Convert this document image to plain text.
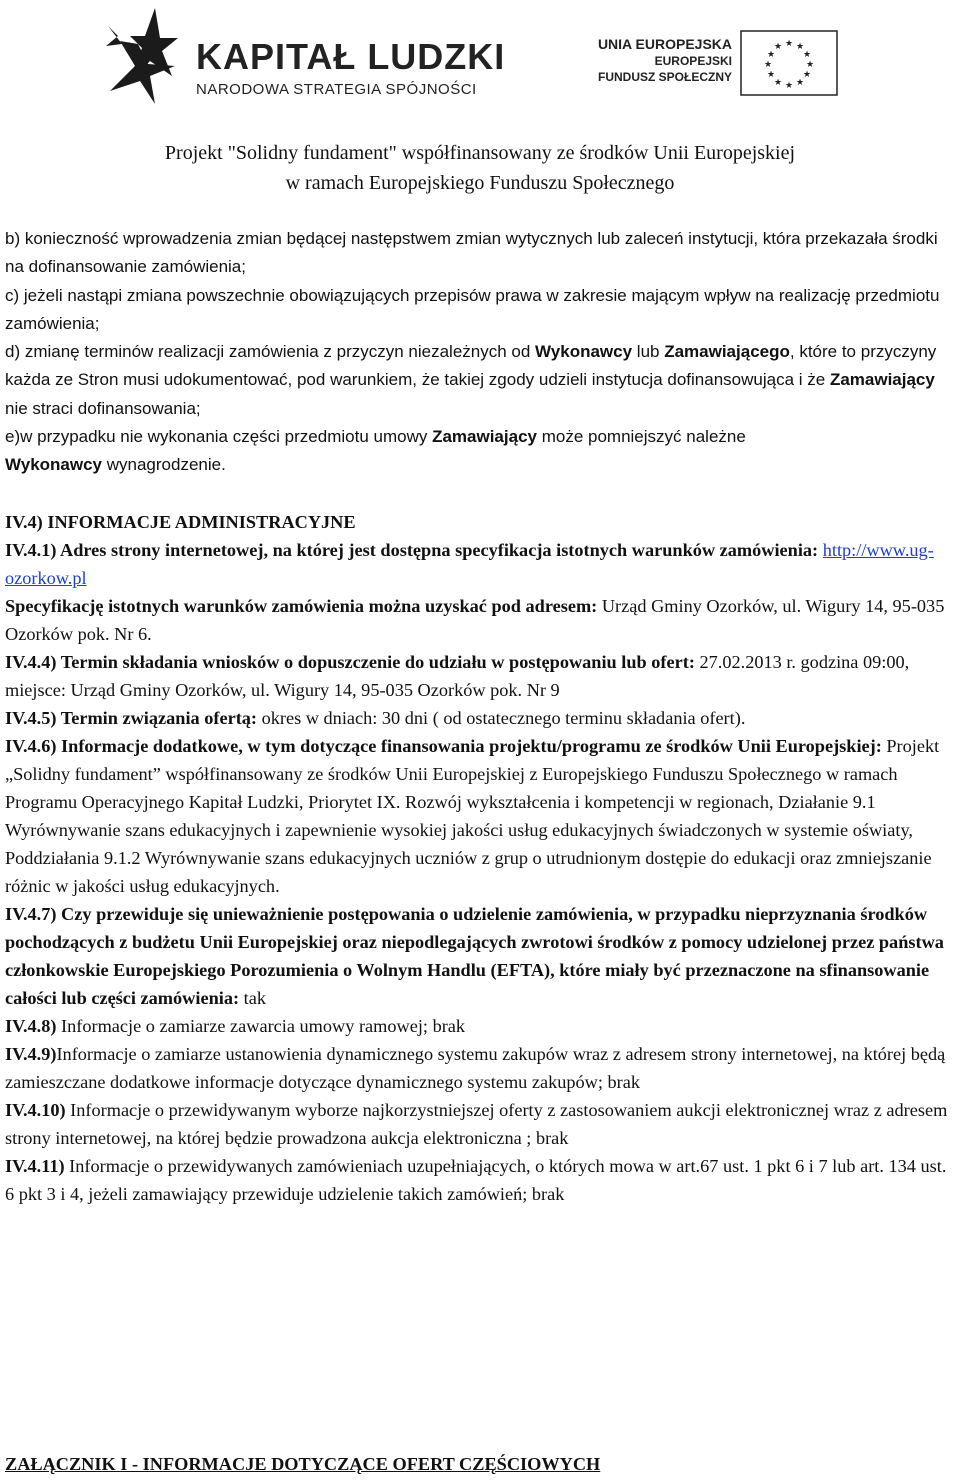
KAPITAŁ LUDZKI
NARODOWA STRATEGIA SPÓJNOŚCI
UNIA EUROPEJSKA
EUROPEJSKI
FUNDUSZ SPOŁECZNY
★ ★
★
★
★
★
★
★
★
★
★
★
Projekt "Solidny fundament" współfinansowany ze środków Unii Europejskiej
w ramach Europejskiego Funduszu Społecznego

b) konieczność wprowadzenia zmian będącej następstwem zmian wytycznych lub zaleceń instytucji, która przekazała środki na dofinansowanie zamówienia;

c) jeżeli nastąpi zmiana powszechnie obowiązujących przepisów prawa w zakresie mającym wpływ na realizację przedmiotu zamówienia;

d) zmianę terminów realizacji zamówienia z przyczyn niezależnych od Wykonawcy lub Zamawiającego, które to przyczyny każda ze Stron musi udokumentować, pod warunkiem, że takiej zgody udzieli instytucja dofinansowująca i że Zamawiający nie straci dofinansowania;

e)w przypadku nie wykonania części przedmiotu umowy Zamawiający może pomniejszyć należne
Wykonawcy wynagrodzenie.

IV.4) INFORMACJE ADMINISTRACYJNE

IV.4.1) Adres strony internetowej, na której jest dostępna specyfikacja istotnych warunków zamówienia: http://www.ug-ozorkow.pl

Specyfikację istotnych warunków zamówienia można uzyskać pod adresem: Urząd Gminy Ozorków, ul. Wigury 14, 95-035 Ozorków pok. Nr 6.

IV.4.4) Termin składania wniosków o dopuszczenie do udziału w postępowaniu lub ofert: 27.02.2013 r. godzina 09:00, miejsce: Urząd Gminy Ozorków, ul. Wigury 14, 95-035 Ozorków pok. Nr 9

IV.4.5) Termin związania ofertą: okres w dniach: 30 dni ( od ostatecznego terminu składania ofert).

IV.4.6) Informacje dodatkowe, w tym dotyczące finansowania projektu/programu ze środków Unii Europejskiej: Projekt „Solidny fundament” współfinansowany ze środków Unii Europejskiej z Europejskiego Funduszu Społecznego w ramach Programu Operacyjnego Kapitał Ludzki, Priorytet IX. Rozwój wykształcenia i kompetencji w regionach, Działanie 9.1 Wyrównywanie szans edukacyjnych i zapewnienie wysokiej jakości usług edukacyjnych świadczonych w systemie oświaty, Poddziałania 9.1.2 Wyrównywanie szans edukacyjnych uczniów z grup o utrudnionym dostępie do edukacji oraz zmniejszanie różnic w jakości usług edukacyjnych.

IV.4.7) Czy przewiduje się unieważnienie postępowania o udzielenie zamówienia, w przypadku nieprzyznania środków pochodzących z budżetu Unii Europejskiej oraz niepodlegających zwrotowi środków z pomocy udzielonej przez państwa członkowskie Europejskiego Porozumienia o Wolnym Handlu (EFTA), które miały być przeznaczone na sfinansowanie całości lub części zamówienia: tak

IV.4.8) Informacje o zamiarze zawarcia umowy ramowej; brak

IV.4.9)Informacje o zamiarze ustanowienia dynamicznego systemu zakupów wraz z adresem strony internetowej, na której będą zamieszczane dodatkowe informacje dotyczące dynamicznego systemu zakupów; brak

IV.4.10) Informacje o przewidywanym wyborze najkorzystniejszej oferty z zastosowaniem aukcji elektronicznej wraz z adresem strony internetowej, na której będzie prowadzona aukcja elektroniczna ; brak

IV.4.11) Informacje o przewidywanych zamówieniach uzupełniających, o których mowa w art.67 ust. 1 pkt 6 i 7 lub art. 134 ust. 6 pkt 3 i 4, jeżeli zamawiający przewiduje udzielenie takich zamówień; brak

ZAŁĄCZNIK I - INFORMACJE DOTYCZĄCE OFERT CZĘŚCIOWYCH
